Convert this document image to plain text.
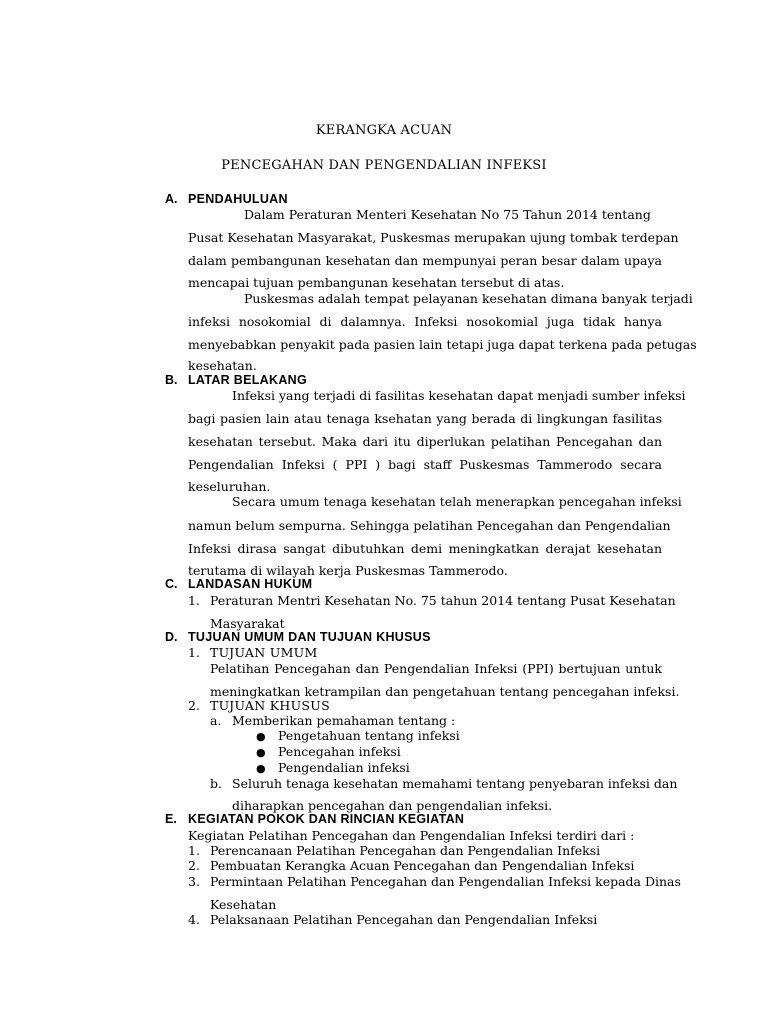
KERANGKA ACUAN
PENCEGAHAN DAN PENGENDALIAN INFEKSI
A. PENDAHULUAN
Dalam Peraturan Menteri Kesehatan No 75 Tahun 2014 tentang
Pusat Kesehatan Masyarakat, Puskesmas merupakan ujung tombak terdepan
dalam pembangunan kesehatan dan mempunyai peran besar dalam upaya
mencapai tujuan pembangunan kesehatan tersebut di atas.
Puskesmas adalah tempat pelayanan kesehatan dimana banyak terjadi
infeksi nosokomial di dalamnya. Infeksi nosokomial juga tidak hanya
menyebabkan penyakit pada pasien lain tetapi juga dapat terkena pada petugas
kesehatan.
B. LATAR BELAKANG
Infeksi yang terjadi di fasilitas kesehatan dapat menjadi sumber infeksi
bagi pasien lain atau tenaga ksehatan yang berada di lingkungan fasilitas
kesehatan tersebut. Maka dari itu diperlukan pelatihan Pencegahan dan
Pengendalian Infeksi ( PPI ) bagi staff Puskesmas Tammerodo secara
keseluruhan.
Secara umum tenaga kesehatan telah menerapkan pencegahan infeksi
namun belum sempurna. Sehingga pelatihan Pencegahan dan Pengendalian
Infeksi dirasa sangat dibutuhkan demi meningkatkan derajat kesehatan
terutama di wilayah kerja Puskesmas Tammerodo.
C. LANDASAN HUKUM
1. Peraturan Mentri Kesehatan No. 75 tahun 2014 tentang Pusat Kesehatan
Masyarakat
D. TUJUAN UMUM DAN TUJUAN KHUSUS
1. TUJUAN UMUM
Pelatihan Pencegahan dan Pengendalian Infeksi (PPI) bertujuan untuk
meningkatkan ketrampilan dan pengetahuan tentang pencegahan infeksi.
2. TUJUAN KHUSUS
a. Memberikan pemahaman tentang :
● Pengetahuan tentang infeksi
● Pencegahan infeksi
● Pengendalian infeksi
b. Seluruh tenaga kesehatan memahami tentang penyebaran infeksi dan
diharapkan pencegahan dan pengendalian infeksi.
E. KEGIATAN POKOK DAN RINCIAN KEGIATAN
Kegiatan Pelatihan Pencegahan dan Pengendalian Infeksi terdiri dari :
1. Perencanaan Pelatihan Pencegahan dan Pengendalian Infeksi
2. Pembuatan Kerangka Acuan Pencegahan dan Pengendalian Infeksi
3. Permintaan Pelatihan Pencegahan dan Pengendalian Infeksi kepada Dinas
Kesehatan
4. Pelaksanaan Pelatihan Pencegahan dan Pengendalian Infeksi
